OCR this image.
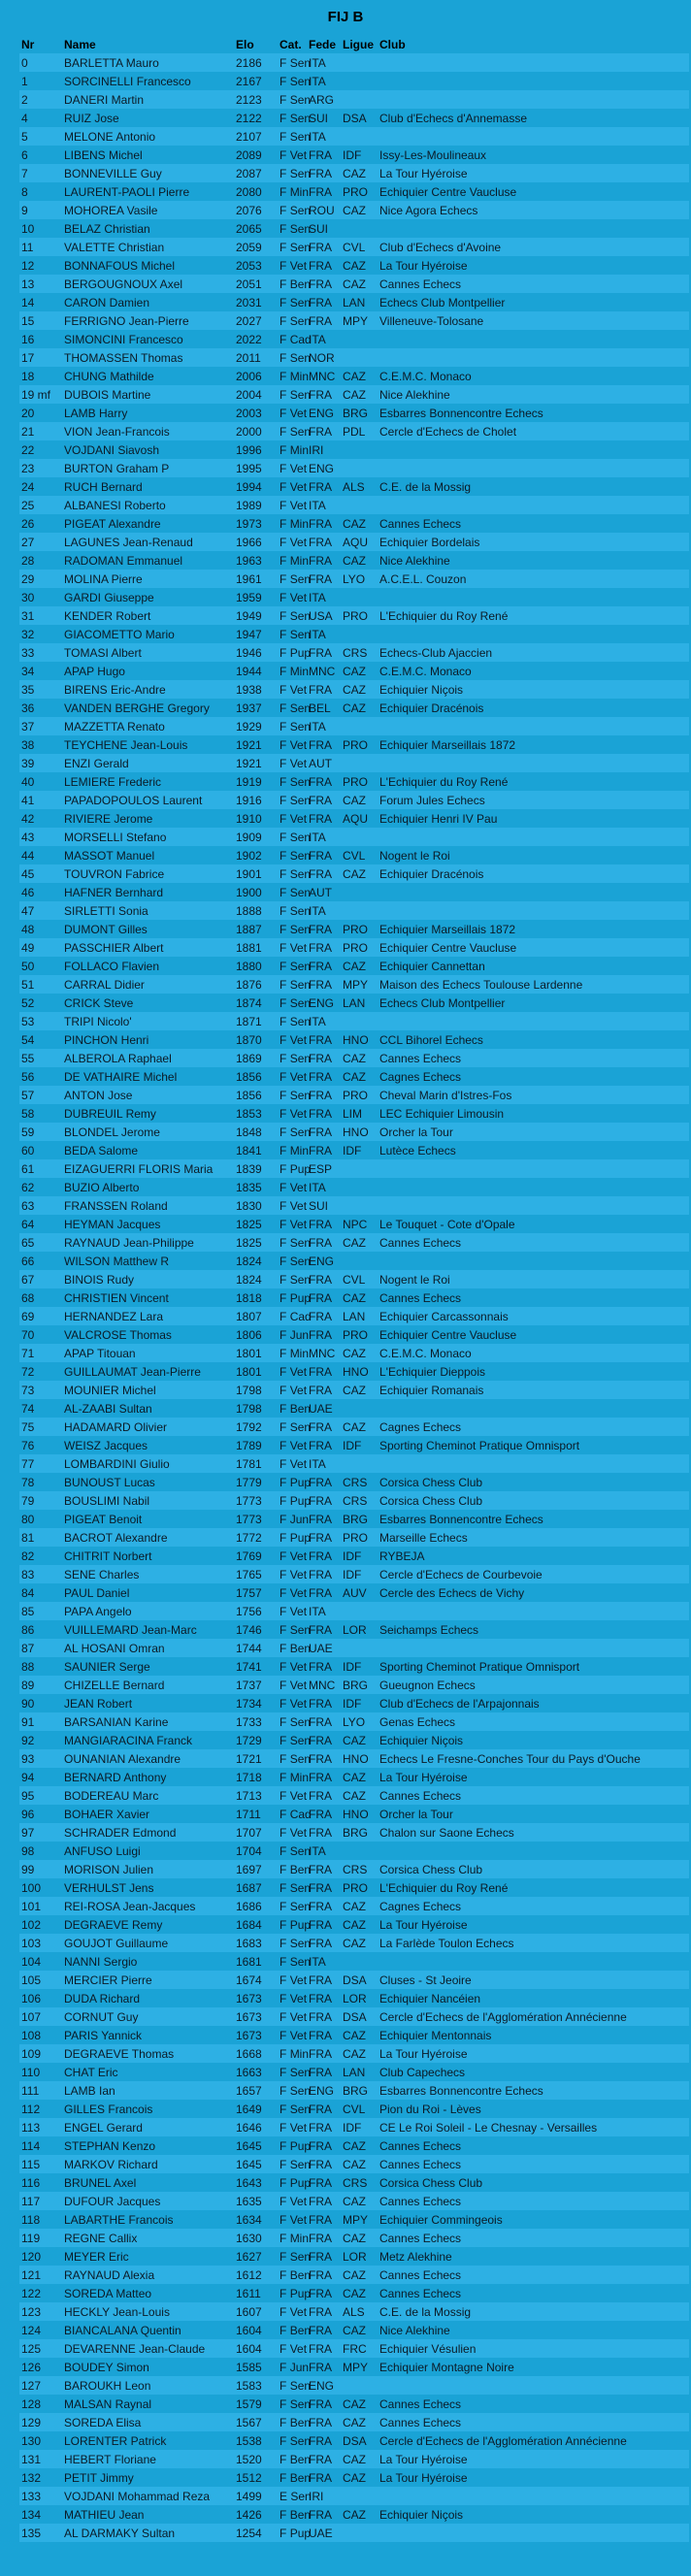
FIJ B
Nr	Name	Elo	Cat.	Fede	Ligue	Club
0	BARLETTA Mauro	2186	F Sen	ITA		
1	SORCINELLI Francesco	2167	F Sen	ITA		
2	DANERI Martin	2123	F Sen	ARG		
4	RUIZ Jose	2122	F Sen	SUI	DSA	Club d'Echecs d'Annemasse
5	MELONE Antonio	2107	F Sen	ITA		
6	LIBENS Michel	2089	F Vet	FRA	IDF	Issy-Les-Moulineaux
7	BONNEVILLE Guy	2087	F Sen	FRA	CAZ	La Tour Hyéroise
8	LAURENT-PAOLI Pierre	2080	F Min	FRA	PRO	Echiquier Centre Vaucluse
9	MOHOREA Vasile	2076	F Sen	ROU	CAZ	Nice Agora Echecs
10	BELAZ Christian	2065	F Sen	SUI		
11	VALETTE Christian	2059	F Sen	FRA	CVL	Club d'Echecs d'Avoine
12	BONNAFOUS Michel	2053	F Vet	FRA	CAZ	La Tour Hyéroise
13	BERGOUGNOUX Axel	2051	F Ben	FRA	CAZ	Cannes Echecs
14	CARON Damien	2031	F Sen	FRA	LAN	Echecs Club Montpellier
15	FERRIGNO Jean-Pierre	2027	F Sen	FRA	MPY	Villeneuve-Tolosane
16	SIMONCINI Francesco	2022	F Cad	ITA		
17	THOMASSEN Thomas	2011	F Sen	NOR		
18	CHUNG Mathilde	2006	F Min	MNC	CAZ	C.E.M.C. Monaco
19 mf	DUBOIS Martine	2004	F Sen	FRA	CAZ	Nice Alekhine
20	LAMB Harry	2003	F Vet	ENG	BRG	Esbarres Bonnencontre Echecs
21	VION Jean-Francois	2000	F Sen	FRA	PDL	Cercle d'Echecs de Cholet
22	VOJDANI Siavosh	1996	F Min	IRI		
23	BURTON Graham P	1995	F Vet	ENG		
24	RUCH Bernard	1994	F Vet	FRA	ALS	C.E. de la Mossig
25	ALBANESI Roberto	1989	F Vet	ITA		
26	PIGEAT Alexandre	1973	F Min	FRA	CAZ	Cannes Echecs
27	LAGUNES Jean-Renaud	1966	F Vet	FRA	AQU	Echiquier Bordelais
28	RADOMAN Emmanuel	1963	F Min	FRA	CAZ	Nice Alekhine
29	MOLINA Pierre	1961	F Sen	FRA	LYO	A.C.E.L. Couzon
30	GARDI Giuseppe	1959	F Vet	ITA		
31	KENDER Robert	1949	F Sen	USA	PRO	L'Echiquier du Roy René
32	GIACOMETTO Mario	1947	F Sen	ITA		
33	TOMASI Albert	1946	F Pup	FRA	CRS	Echecs-Club Ajaccien
34	APAP Hugo	1944	F Min	MNC	CAZ	C.E.M.C. Monaco
35	BIRENS Eric-Andre	1938	F Vet	FRA	CAZ	Echiquier Niçois
36	VANDEN BERGHE Gregory	1937	F Sen	BEL	CAZ	Echiquier Dracénois
37	MAZZETTA Renato	1929	F Sen	ITA		
38	TEYCHENE Jean-Louis	1921	F Vet	FRA	PRO	Echiquier Marseillais 1872
39	ENZI Gerald	1921	F Vet	AUT		
40	LEMIERE Frederic	1919	F Sen	FRA	PRO	L'Echiquier du Roy René
41	PAPADOPOULOS Laurent	1916	F Sen	FRA	CAZ	Forum Jules Echecs
42	RIVIERE Jerome	1910	F Vet	FRA	AQU	Echiquier Henri IV Pau
43	MORSELLI Stefano	1909	F Sen	ITA		
44	MASSOT Manuel	1902	F Sen	FRA	CVL	Nogent le Roi
45	TOUVRON Fabrice	1901	F Sen	FRA	CAZ	Echiquier Dracénois
46	HAFNER Bernhard	1900	F Sen	AUT		
47	SIRLETTI Sonia	1888	F Sen	ITA		
48	DUMONT Gilles	1887	F Sen	FRA	PRO	Echiquier Marseillais 1872
49	PASSCHIER Albert	1881	F Vet	FRA	PRO	Echiquier Centre Vaucluse
50	FOLLACO Flavien	1880	F Sen	FRA	CAZ	Echiquier Cannettan
51	CARRAL Didier	1876	F Sen	FRA	MPY	Maison des Echecs Toulouse Lardenne
52	CRICK Steve	1874	F Sen	ENG	LAN	Echecs Club Montpellier
53	TRIPI Nicolo'	1871	F Sen	ITA		
54	PINCHON Henri	1870	F Vet	FRA	HNO	CCL Bihorel Echecs
55	ALBEROLA Raphael	1869	F Sen	FRA	CAZ	Cannes Echecs
56	DE VATHAIRE Michel	1856	F Vet	FRA	CAZ	Cagnes Echecs
57	ANTON Jose	1856	F Sen	FRA	PRO	Cheval Marin d'Istres-Fos
58	DUBREUIL Remy	1853	F Vet	FRA	LIM	LEC Echiquier Limousin
59	BLONDEL Jerome	1848	F Sen	FRA	HNO	Orcher la Tour
60	BEDA Salome	1841	F Min	FRA	IDF	Lutèce Echecs
61	EIZAGUERRI FLORIS Maria	1839	F Pup	ESP		
62	BUZIO Alberto	1835	F Vet	ITA		
63	FRANSSEN Roland	1830	F Vet	SUI		
64	HEYMAN Jacques	1825	F Vet	FRA	NPC	Le Touquet - Cote d'Opale
65	RAYNAUD Jean-Philippe	1825	F Sen	FRA	CAZ	Cannes Echecs
66	WILSON Matthew R	1824	F Sen	ENG		
67	BINOIS Rudy	1824	F Sen	FRA	CVL	Nogent le Roi
68	CHRISTIEN Vincent	1818	F Pup	FRA	CAZ	Cannes Echecs
69	HERNANDEZ Lara	1807	F Cad	FRA	LAN	Echiquier Carcassonnais
70	VALCROSE Thomas	1806	F Jun	FRA	PRO	Echiquier Centre Vaucluse
71	APAP Titouan	1801	F Min	MNC	CAZ	C.E.M.C. Monaco
72	GUILLAUMAT Jean-Pierre	1801	F Vet	FRA	HNO	L'Echiquier Dieppois
73	MOUNIER Michel	1798	F Vet	FRA	CAZ	Echiquier Romanais
74	AL-ZAABI Sultan	1798	F Ben	UAE		
75	HADAMARD Olivier	1792	F Sen	FRA	CAZ	Cagnes Echecs
76	WEISZ Jacques	1789	F Vet	FRA	IDF	Sporting Cheminot Pratique Omnisport
77	LOMBARDINI Giulio	1781	F Vet	ITA		
78	BUNOUST Lucas	1779	F Pup	FRA	CRS	Corsica Chess Club
79	BOUSLIMI Nabil	1773	F Pup	FRA	CRS	Corsica Chess Club
80	PIGEAT Benoit	1773	F Jun	FRA	BRG	Esbarres Bonnencontre Echecs
81	BACROT Alexandre	1772	F Pup	FRA	PRO	Marseille Echecs
82	CHITRIT Norbert	1769	F Vet	FRA	IDF	RYBEJA
83	SENE Charles	1765	F Vet	FRA	IDF	Cercle d'Echecs de Courbevoie
84	PAUL Daniel	1757	F Vet	FRA	AUV	Cercle des Echecs de Vichy
85	PAPA Angelo	1756	F Vet	ITA		
86	VUILLEMARD Jean-Marc	1746	F Sen	FRA	LOR	Seichamps Echecs
87	AL HOSANI Omran	1744	F Ben	UAE		
88	SAUNIER Serge	1741	F Vet	FRA	IDF	Sporting Cheminot Pratique Omnisport
89	CHIZELLE Bernard	1737	F Vet	MNC	BRG	Gueugnon Echecs
90	JEAN Robert	1734	F Vet	FRA	IDF	Club d'Echecs de l'Arpajonnais
91	BARSANIAN Karine	1733	F Sen	FRA	LYO	Genas Echecs
92	MANGIARACINA Franck	1729	F Sen	FRA	CAZ	Echiquier Niçois
93	OUNANIAN Alexandre	1721	F Sen	FRA	HNO	Echecs Le Fresne-Conches Tour du Pays d'Ouche
94	BERNARD Anthony	1718	F Min	FRA	CAZ	La Tour Hyéroise
95	BODEREAU Marc	1713	F Vet	FRA	CAZ	Cannes Echecs
96	BOHAER Xavier	1711	F Cad	FRA	HNO	Orcher la Tour
97	SCHRADER Edmond	1707	F Vet	FRA	BRG	Chalon sur Saone Echecs
98	ANFUSO Luigi	1704	F Sen	ITA		
99	MORISON Julien	1697	F Ben	FRA	CRS	Corsica Chess Club
100	VERHULST Jens	1687	F Sen	FRA	PRO	L'Echiquier du Roy René
101	REI-ROSA Jean-Jacques	1686	F Sen	FRA	CAZ	Cagnes Echecs
102	DEGRAEVE Remy	1684	F Pup	FRA	CAZ	La Tour Hyéroise
103	GOUJOT Guillaume	1683	F Sen	FRA	CAZ	La Farlède Toulon Echecs
104	NANNI Sergio	1681	F Sen	ITA		
105	MERCIER Pierre	1674	F Vet	FRA	DSA	Cluses - St Jeoire
106	DUDA Richard	1673	F Vet	FRA	LOR	Echiquier Nancéien
107	CORNUT Guy	1673	F Vet	FRA	DSA	Cercle d'Echecs de l'Agglomération Annécienne
108	PARIS Yannick	1673	F Vet	FRA	CAZ	Echiquier Mentonnais
109	DEGRAEVE Thomas	1668	F Min	FRA	CAZ	La Tour Hyéroise
110	CHAT Eric	1663	F Sen	FRA	LAN	Club Capechecs
111	LAMB Ian	1657	F Sen	ENG	BRG	Esbarres Bonnencontre Echecs
112	GILLES Francois	1649	F Sen	FRA	CVL	Pion du Roi - Lèves
113	ENGEL Gerard	1646	F Vet	FRA	IDF	CE Le Roi Soleil - Le Chesnay - Versailles
114	STEPHAN Kenzo	1645	F Pup	FRA	CAZ	Cannes Echecs
115	MARKOV Richard	1645	F Sen	FRA	CAZ	Cannes Echecs
116	BRUNEL Axel	1643	F Pup	FRA	CRS	Corsica Chess Club
117	DUFOUR Jacques	1635	F Vet	FRA	CAZ	Cannes Echecs
118	LABARTHE Francois	1634	F Vet	FRA	MPY	Echiquier Commingeois
119	REGNE Callix	1630	F Min	FRA	CAZ	Cannes Echecs
120	MEYER Eric	1627	F Sen	FRA	LOR	Metz Alekhine
121	RAYNAUD Alexia	1612	F Ben	FRA	CAZ	Cannes Echecs
122	SOREDA Matteo	1611	F Pup	FRA	CAZ	Cannes Echecs
123	HECKLY Jean-Louis	1607	F Vet	FRA	ALS	C.E. de la Mossig
124	BIANCALANA Quentin	1604	F Ben	FRA	CAZ	Nice Alekhine
125	DEVARENNE Jean-Claude	1604	F Vet	FRA	FRC	Echiquier Vésulien
126	BOUDEY Simon	1585	F Jun	FRA	MPY	Echiquier Montagne Noire
127	BAROUKH Leon	1583	F Sen	ENG		
128	MALSAN Raynal	1579	F Sen	FRA	CAZ	Cannes Echecs
129	SOREDA Elisa	1567	F Ben	FRA	CAZ	Cannes Echecs
130	LORENTER Patrick	1538	F Sen	FRA	DSA	Cercle d'Echecs de l'Agglomération Annécienne
131	HEBERT Floriane	1520	F Ben	FRA	CAZ	La Tour Hyéroise
132	PETIT Jimmy	1512	F Ben	FRA	CAZ	La Tour Hyéroise
133	VOJDANI Mohammad Reza	1499	E Sen	IRI		
134	MATHIEU Jean	1426	F Ben	FRA	CAZ	Echiquier Niçois
135	AL DARMAKY Sultan	1254	F Pup	UAE		
